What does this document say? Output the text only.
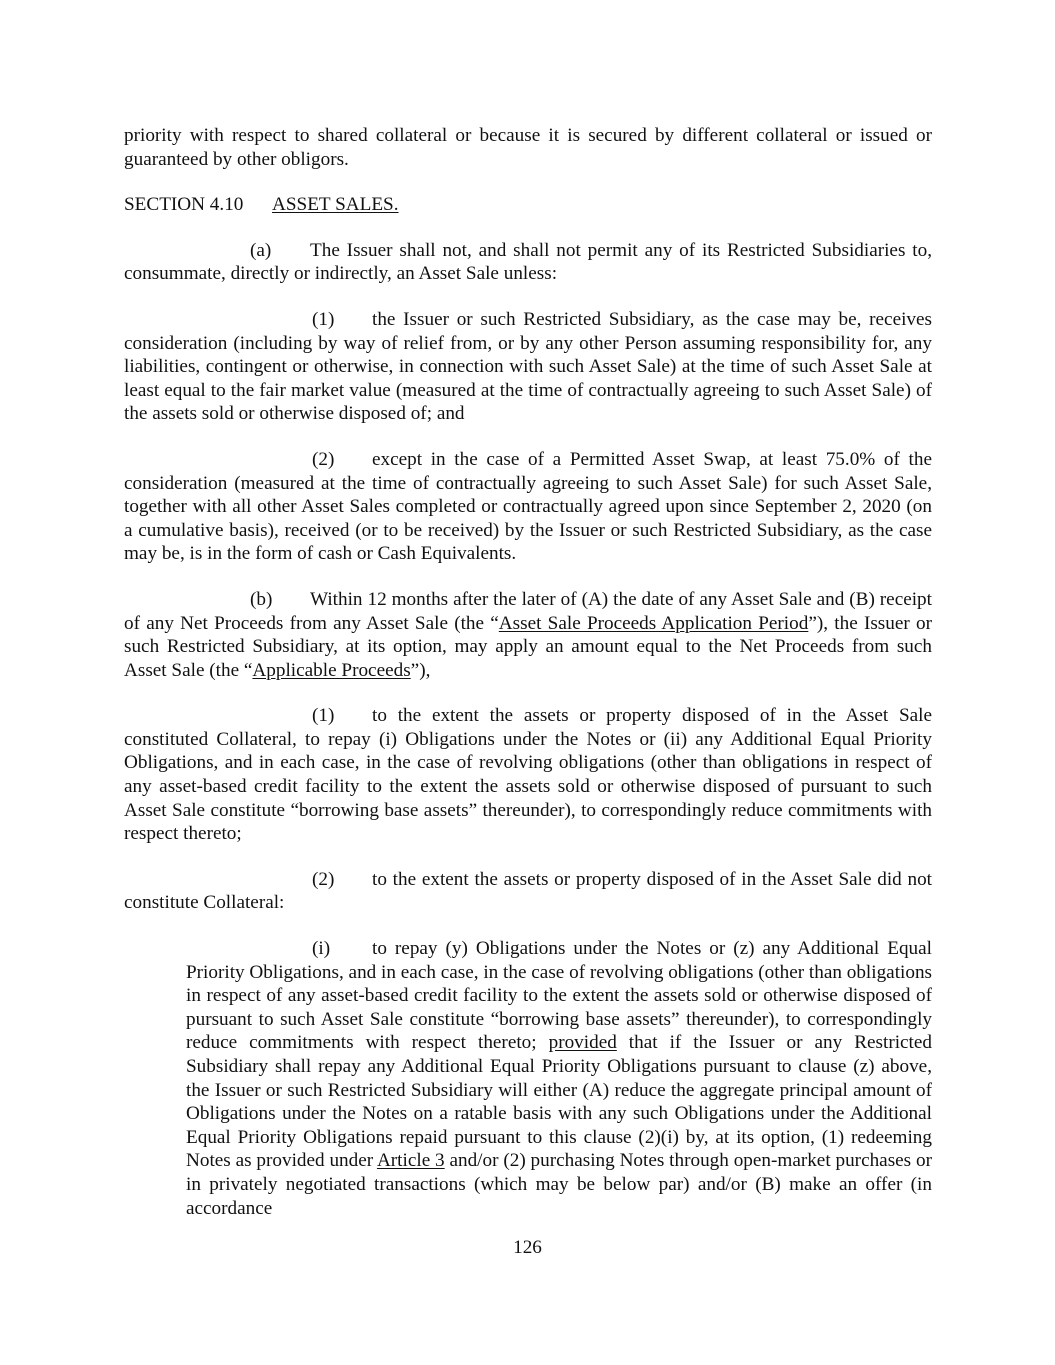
priority with respect to shared collateral or because it is secured by different collateral or issued or guaranteed by other obligors.

SECTION 4.10 ASSET SALES.

(a) The Issuer shall not, and shall not permit any of its Restricted Subsidiaries to, consummate, directly or indirectly, an Asset Sale unless:

(1) the Issuer or such Restricted Subsidiary, as the case may be, receives consideration (including by way of relief from, or by any other Person assuming responsibility for, any liabilities, contingent or otherwise, in connection with such Asset Sale) at the time of such Asset Sale at least equal to the fair market value (measured at the time of contractually agreeing to such Asset Sale) of the assets sold or otherwise disposed of; and

(2) except in the case of a Permitted Asset Swap, at least 75.0% of the consideration (measured at the time of contractually agreeing to such Asset Sale) for such Asset Sale, together with all other Asset Sales completed or contractually agreed upon since September 2, 2020 (on a cumulative basis), received (or to be received) by the Issuer or such Restricted Subsidiary, as the case may be, is in the form of cash or Cash Equivalents.

(b) Within 12 months after the later of (A) the date of any Asset Sale and (B) receipt of any Net Proceeds from any Asset Sale (the “Asset Sale Proceeds Application Period”), the Issuer or such Restricted Subsidiary, at its option, may apply an amount equal to the Net Proceeds from such Asset Sale (the “Applicable Proceeds”),

(1) to the extent the assets or property disposed of in the Asset Sale constituted Collateral, to repay (i) Obligations under the Notes or (ii) any Additional Equal Priority Obligations, and in each case, in the case of revolving obligations (other than obligations in respect of any asset-based credit facility to the extent the assets sold or otherwise disposed of pursuant to such Asset Sale constitute “borrowing base assets” thereunder), to correspondingly reduce commitments with respect thereto;

(2) to the extent the assets or property disposed of in the Asset Sale did not constitute Collateral:

(i) to repay (y) Obligations under the Notes or (z) any Additional Equal Priority Obligations, and in each case, in the case of revolving obligations (other than obligations in respect of any asset-based credit facility to the extent the assets sold or otherwise disposed of pursuant to such Asset Sale constitute “borrowing base assets” thereunder), to correspondingly reduce commitments with respect thereto; provided that if the Issuer or any Restricted Subsidiary shall repay any Additional Equal Priority Obligations pursuant to clause (z) above, the Issuer or such Restricted Subsidiary will either (A) reduce the aggregate principal amount of Obligations under the Notes on a ratable basis with any such Obligations under the Additional Equal Priority Obligations repaid pursuant to this clause (2)(i) by, at its option, (1) redeeming Notes as provided under Article 3 and/or (2) purchasing Notes through open-market purchases or in privately negotiated transactions (which may be below par) and/or (B) make an offer (in accordance

126
